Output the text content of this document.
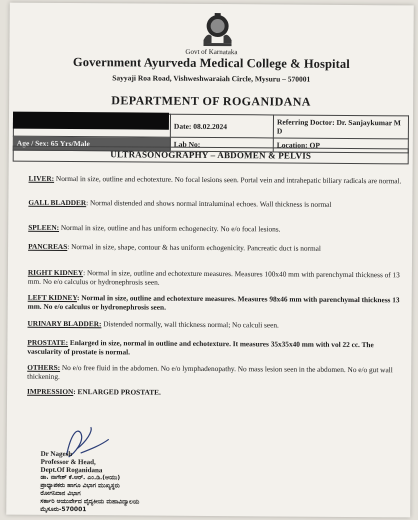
Govt of Karnataka
Government Ayurveda Medical College & Hospital
Sayyaji Roa Road, Vishweshwaraiah Circle, Mysuru – 570001
DEPARTMENT OF ROGANIDANA
	Date: 08.02.2024	Referring Doctor: Dr. Sanjaykumar M D
Age / Sex: 65 Yrs/Male	Lab No:	Location: OP
ULTRASONOGRAPHY – ABDOMEN & PELVIS
LIVER: Normal in size, outline and echotexture. No focal lesions seen. Portal vein and intrahepatic biliary radicals are normal.
GALL BLADDER: Normal distended and shows normal intraluminal echoes. Wall thickness is normal
SPLEEN: Normal in size, outline and has uniform echogenecity. No e/o focal lesions.
PANCREAS: Normal in size, shape, contour & has uniform echogenicity. Pancreatic duct is normal
RIGHT KIDNEY: Normal in size, outline and echotexture measures. Measures 100x40 mm with parenchymal thickness of 13 mm. No e/o calculus or hydronephrosis seen.
LEFT KIDNEY: Normal in size, outline and echotexture measures. Measures 98x46 mm with parenchymal thickness 13 mm. No e/o calculus or hydronephrosis seen.
URINARY BLADDER: Distended normally, wall thickness normal; No calculi seen.
PROSTATE: Enlarged in size, normal in outline and echotexture. It measures 35x35x40 mm with vol 22 cc. The vascularity of prostate is normal.
OTHERS: No e/o free fluid in the abdomen. No e/o lymphadenopathy. No mass lesion seen in the abdomen. No e/o gut wall thickening.
IMPRESSION: ENLARGED PROSTATE.
Dr Nagesh
Professor & Head,
Dept.Of Roganidana
ಡಾ. ನಾಗೇಶ್ ಕೆ.ಆರ್. ಎಂ.ಡಿ.(ಆಯು)
ಪ್ರಾಧ್ಯಾಪಕರು ಹಾಗೂ ವಿಭಾಗ ಮುಖ್ಯಸ್ಥರು
ರೋಗನಿದಾನ ವಿಭಾಗ
ಸರ್ಕಾರಿ ಆಯುರ್ವೇದ ವೈದ್ಯಕೀಯ ಮಹಾವಿದ್ಯಾಲಯ
ಮೈಸೂರು-570001
